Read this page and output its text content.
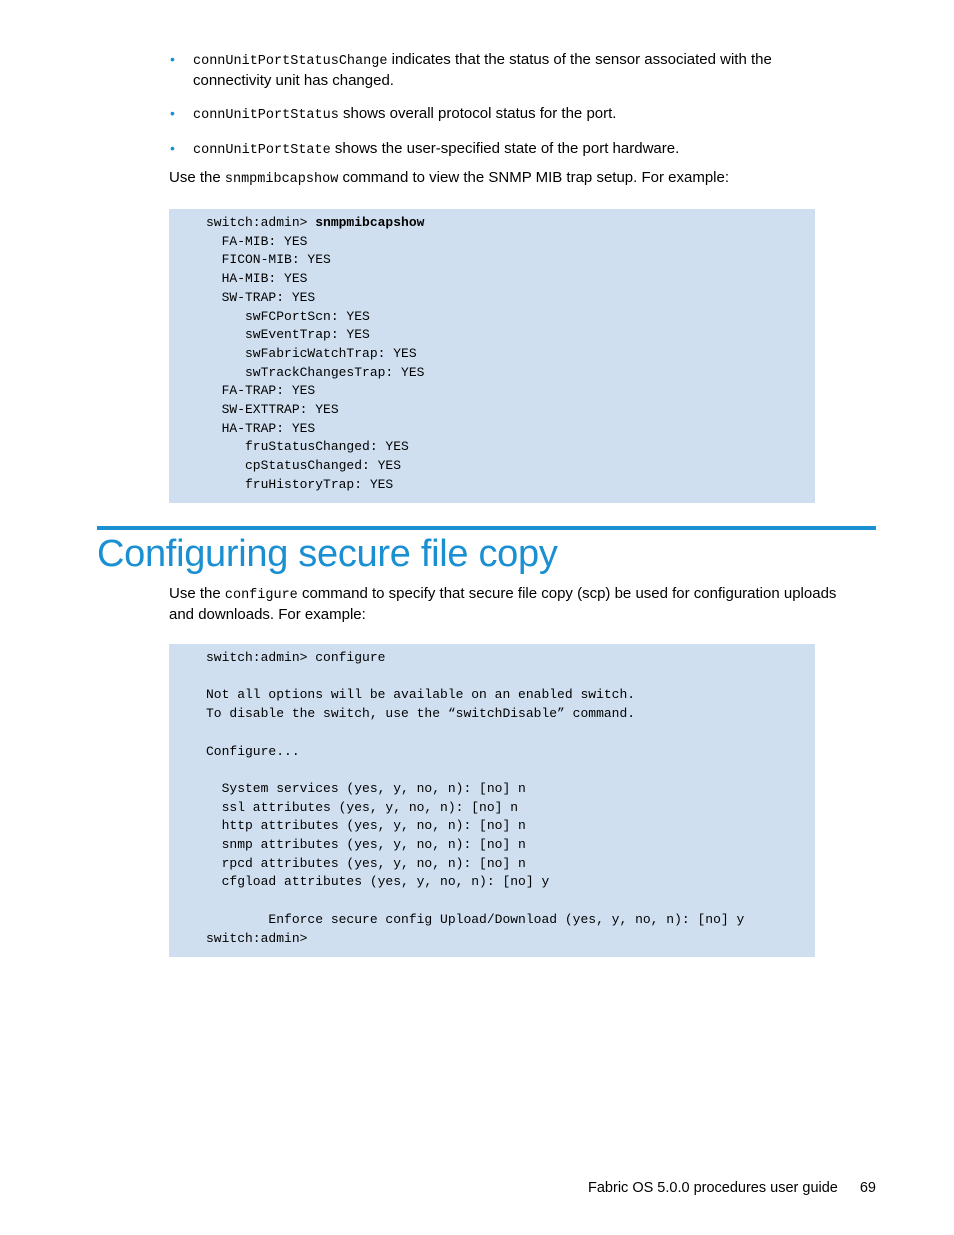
• connUnitPortStatusChange indicates that the status of the sensor associated with the connectivity unit has changed.
• connUnitPortStatus shows overall protocol status for the port.
• connUnitPortState shows the user-specified state of the port hardware.
Use the snmpmibcapshow command to view the SNMP MIB trap setup. For example:
switch:admin> snmpmibcapshow
FA-MIB: YES
FICON-MIB: YES
HA-MIB: YES
SW-TRAP: YES
swFCPortScn: YES
swEventTrap: YES
swFabricWatchTrap: YES
swTrackChangesTrap: YES
FA-TRAP: YES
SW-EXTTRAP: YES
HA-TRAP: YES
fruStatusChanged: YES
cpStatusChanged: YES
fruHistoryTrap: YES
Configuring secure file copy
Use the configure command to specify that secure file copy (scp) be used for configuration uploads and downloads. For example:
switch:admin> configure

Not all options will be available on an enabled switch.
To disable the switch, use the “switchDisable” command.

Configure...

System services (yes, y, no, n): [no] n
ssl attributes (yes, y, no, n): [no] n
http attributes (yes, y, no, n): [no] n
snmp attributes (yes, y, no, n): [no] n
rpcd attributes (yes, y, no, n): [no] n
cfgload attributes (yes, y, no, n): [no] y

Enforce secure config Upload/Download (yes, y, no, n): [no] y
switch:admin>
Fabric OS 5.0.0 procedures user guide 69
